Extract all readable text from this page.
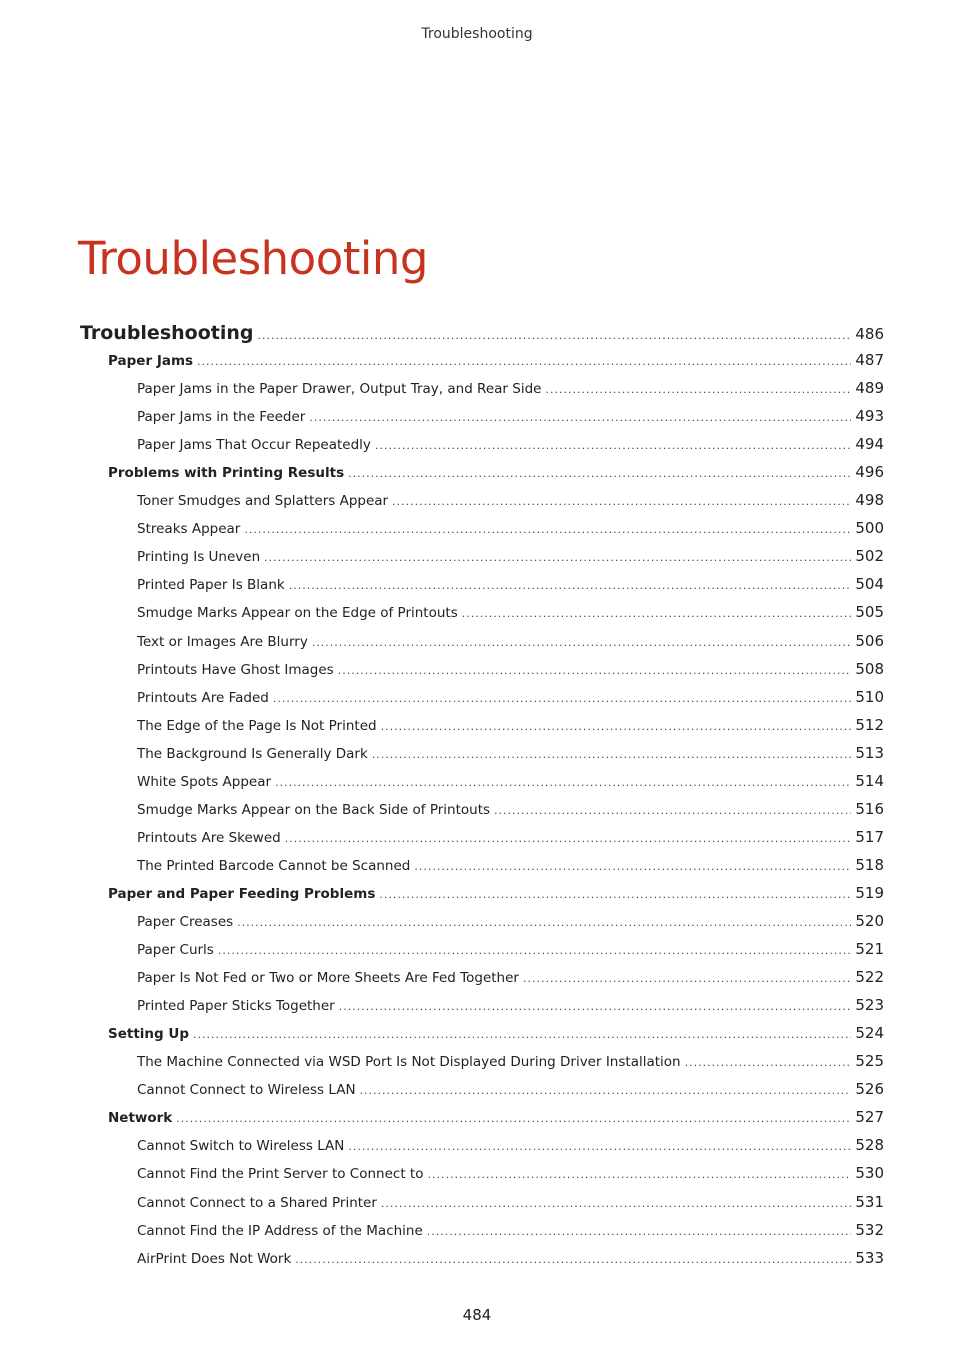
Troubleshooting
Troubleshooting
Troubleshooting .....	486
Paper Jams .....	487
Paper Jams in the Paper Drawer, Output Tray, and Rear Side .....	489
Paper Jams in the Feeder .....	493
Paper Jams That Occur Repeatedly .....	494
Problems with Printing Results .....	496
Toner Smudges and Splatters Appear .....	498
Streaks Appear .....	500
Printing Is Uneven .....	502
Printed Paper Is Blank .....	504
Smudge Marks Appear on the Edge of Printouts .....	505
Text or Images Are Blurry .....	506
Printouts Have Ghost Images .....	508
Printouts Are Faded .....	510
The Edge of the Page Is Not Printed .....	512
The Background Is Generally Dark .....	513
White Spots Appear .....	514
Smudge Marks Appear on the Back Side of Printouts .....	516
Printouts Are Skewed .....	517
The Printed Barcode Cannot be Scanned .....	518
Paper and Paper Feeding Problems .....	519
Paper Creases .....	520
Paper Curls .....	521
Paper Is Not Fed or Two or More Sheets Are Fed Together .....	522
Printed Paper Sticks Together .....	523
Setting Up .....	524
The Machine Connected via WSD Port Is Not Displayed During Driver Installation .....	525
Cannot Connect to Wireless LAN .....	526
Network .....	527
Cannot Switch to Wireless LAN .....	528
Cannot Find the Print Server to Connect to .....	530
Cannot Connect to a Shared Printer .....	531
Cannot Find the IP Address of the Machine .....	532
AirPrint Does Not Work .....	533
484
